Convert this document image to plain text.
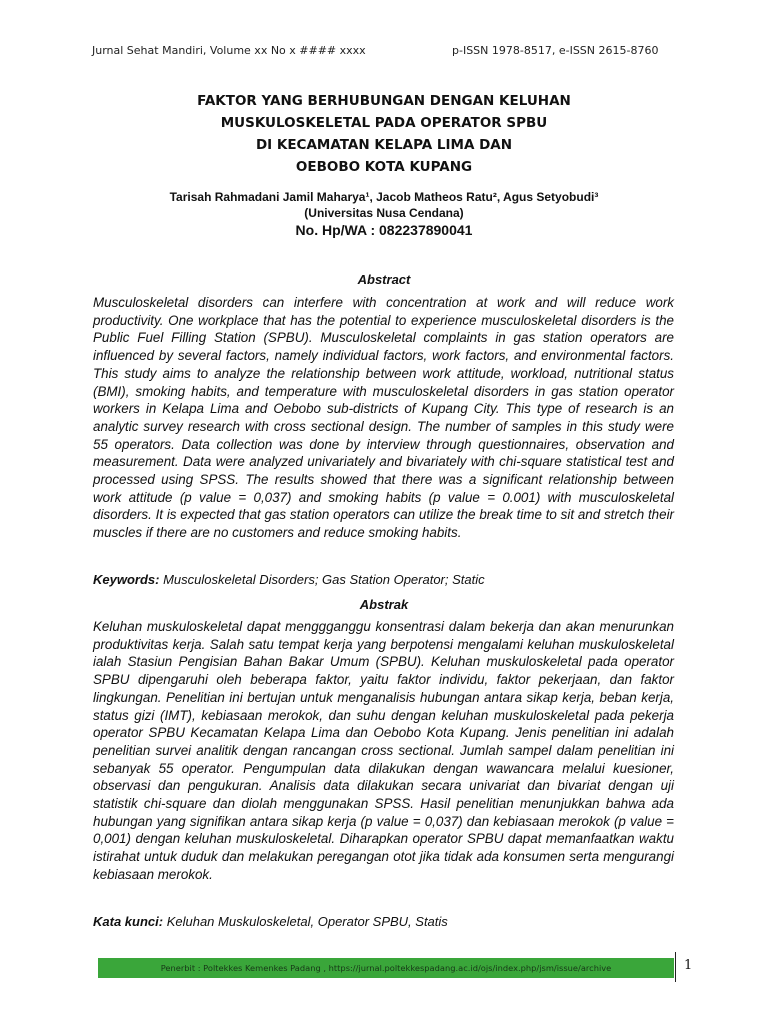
Jurnal Sehat Mandiri, Volume xx No x #### xxxx	p-ISSN 1978-8517, e-ISSN 2615-8760
FAKTOR YANG BERHUBUNGAN DENGAN KELUHAN
MUSKULOSKELETAL PADA OPERATOR SPBU
DI KECAMATAN KELAPA LIMA DAN
OEBOBO KOTA KUPANG
Tarisah Rahmadani Jamil Maharya¹, Jacob Matheos Ratu², Agus Setyobudi³
(Universitas Nusa Cendana)
No. Hp/WA : 082237890041
Abstract
Musculoskeletal disorders can interfere with concentration at work and will reduce work productivity. One workplace that has the potential to experience musculoskeletal disorders is the Public Fuel Filling Station (SPBU). Musculoskeletal complaints in gas station operators are influenced by several factors, namely individual factors, work factors, and environmental factors. This study aims to analyze the relationship between work attitude, workload, nutritional status (BMI), smoking habits, and temperature with musculoskeletal disorders in gas station operator workers in Kelapa Lima and Oebobo sub-districts of Kupang City. This type of research is an analytic survey research with cross sectional design. The number of samples in this study were 55 operators. Data collection was done by interview through questionnaires, observation and measurement. Data were analyzed univariately and bivariately with chi-square statistical test and processed using SPSS. The results showed that there was a significant relationship between work attitude (p value = 0,037) and smoking habits (p value = 0.001) with musculoskeletal disorders. It is expected that gas station operators can utilize the break time to sit and stretch their muscles if there are no customers and reduce smoking habits.
Keywords: Musculoskeletal Disorders; Gas Station Operator; Static
Abstrak
Keluhan muskuloskeletal dapat menggganggu konsentrasi dalam bekerja dan akan menurunkan produktivitas kerja. Salah satu tempat kerja yang berpotensi mengalami keluhan muskuloskeletal ialah Stasiun Pengisian Bahan Bakar Umum (SPBU). Keluhan muskuloskeletal pada operator SPBU dipengaruhi oleh beberapa faktor, yaitu faktor individu, faktor pekerjaan, dan faktor lingkungan. Penelitian ini bertujan untuk menganalisis hubungan antara sikap kerja, beban kerja, status gizi (IMT), kebiasaan merokok, dan suhu dengan keluhan muskuloskeletal pada pekerja operator SPBU Kecamatan Kelapa Lima dan Oebobo Kota Kupang. Jenis penelitian ini adalah penelitian survei analitik dengan rancangan cross sectional. Jumlah sampel dalam penelitian ini sebanyak 55 operator. Pengumpulan data dilakukan dengan wawancara melalui kuesioner, observasi dan pengukuran. Analisis data dilakukan secara univariat dan bivariat dengan uji statistik chi-square dan diolah menggunakan SPSS. Hasil penelitian menunjukkan bahwa ada hubungan yang signifikan antara sikap kerja (p value = 0,037) dan kebiasaan merokok (p value = 0,001) dengan keluhan muskuloskeletal. Diharapkan operator SPBU dapat memanfaatkan waktu istirahat untuk duduk dan melakukan peregangan otot jika tidak ada konsumen serta mengurangi kebiasaan merokok.
Kata kunci: Keluhan Muskuloskeletal, Operator SPBU, Statis
Penerbit : Poltekkes Kemenkes Padang , https://jurnal.poltekkespadang.ac.id/ojs/index.php/jsm/issue/archive	1
